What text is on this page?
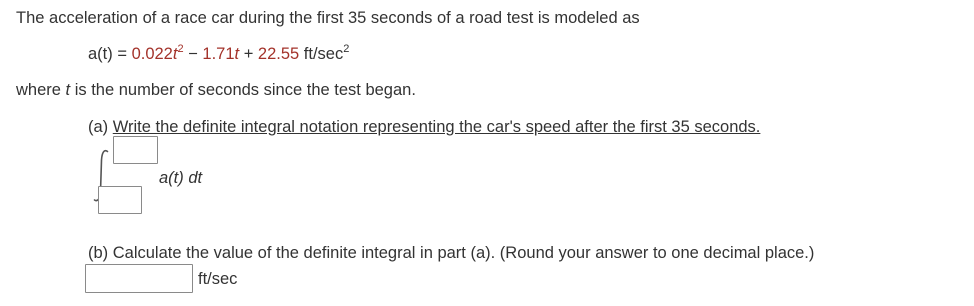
The acceleration of a race car during the first 35 seconds of a road test is modeled as
$a(t) = 0.022t^2 - 1.71t + 22.55$ $ft/\sec^2$
where t is the number of seconds since the test began.
(a) Write the definite integral notation representing the car's speed after the first 35 seconds.
a(t) dt
(b) Calculate the value of the definite integral in part (a). (Round your answer to one decimal place.)
ft/sec
